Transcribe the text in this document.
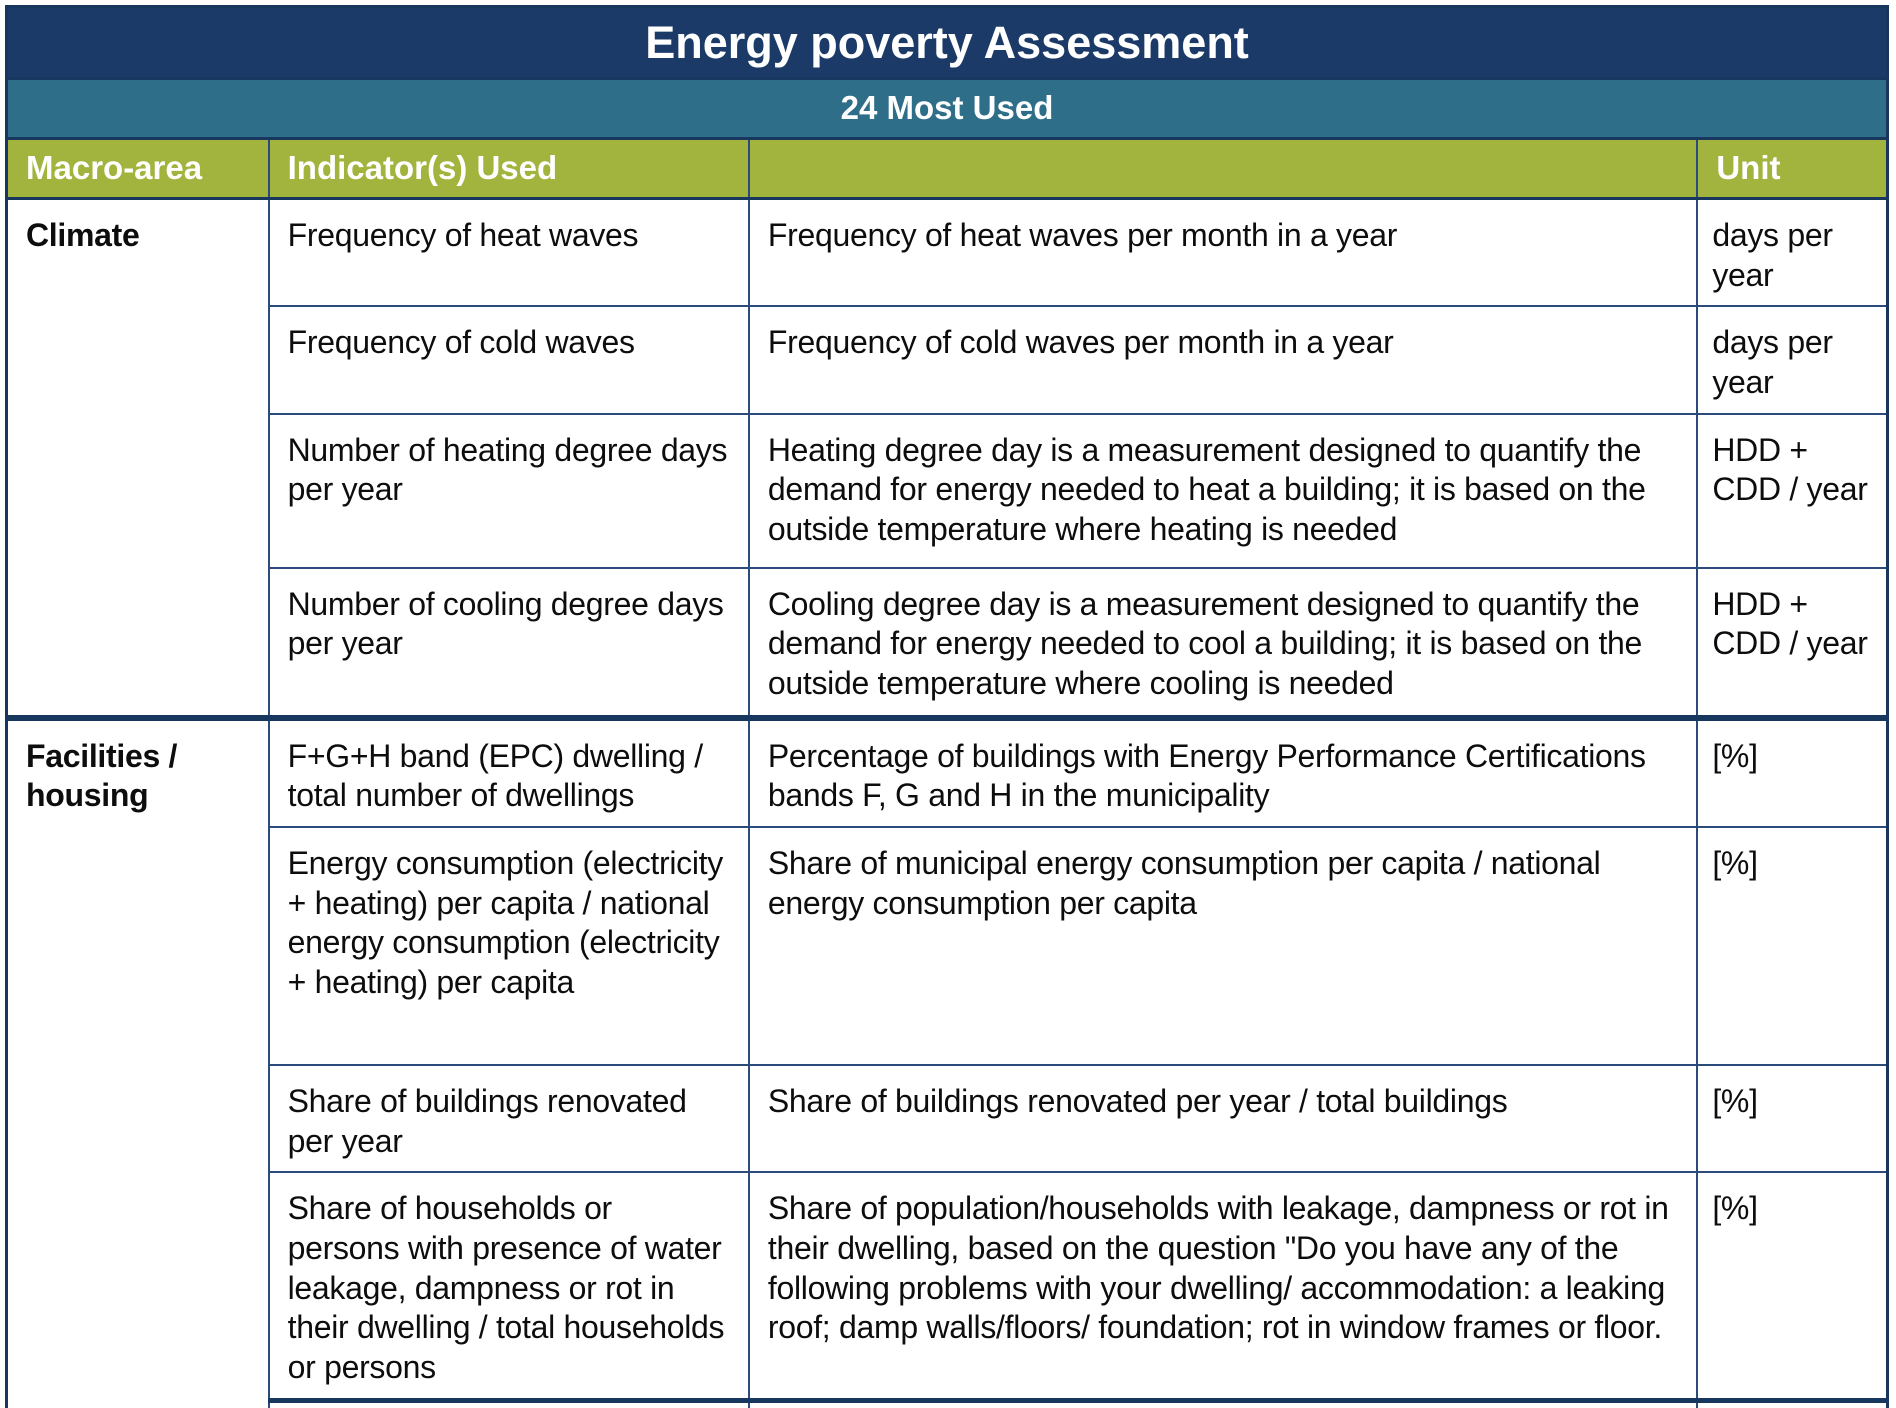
Energy poverty Assessment			
24 Most Used			
Macro-area	Indicator(s) Used		Unit
Climate	Frequency of heat waves	Frequency of heat waves per month in a year	days per year
	Frequency of cold waves	Frequency of cold waves per month in a year	days per year
	Number of heating degree days per year	Heating degree day is a measurement designed to quantify the demand for energy needed to heat a building; it is based on the outside temperature where heating is needed	HDD + CDD / year
	Number of cooling degree days per year	Cooling degree day is a measurement designed to quantify the demand for energy needed to cool a building; it is based on the outside temperature where cooling is needed	HDD + CDD / year
Facilities / housing	F+G+H band (EPC) dwelling / total number of dwellings	Percentage of buildings with Energy Performance Certifications bands F, G and H in the municipality	[%]
	Energy consumption (electricity + heating) per capita / national energy consumption (electricity + heating) per capita	Share of municipal energy consumption per capita / national energy consumption per capita	[%]
	Share of buildings renovated per year	Share of buildings renovated per year / total buildings	[%]
	Share of households or persons with presence of water leakage, dampness or rot in their dwelling / total households or persons	Share of population/households with leakage, dampness or rot in their dwelling, based on the question "Do you have any of the following problems with your dwelling/ accommodation: a leaking roof; damp walls/floors/ foundation; rot in window frames or floor.	[%]
